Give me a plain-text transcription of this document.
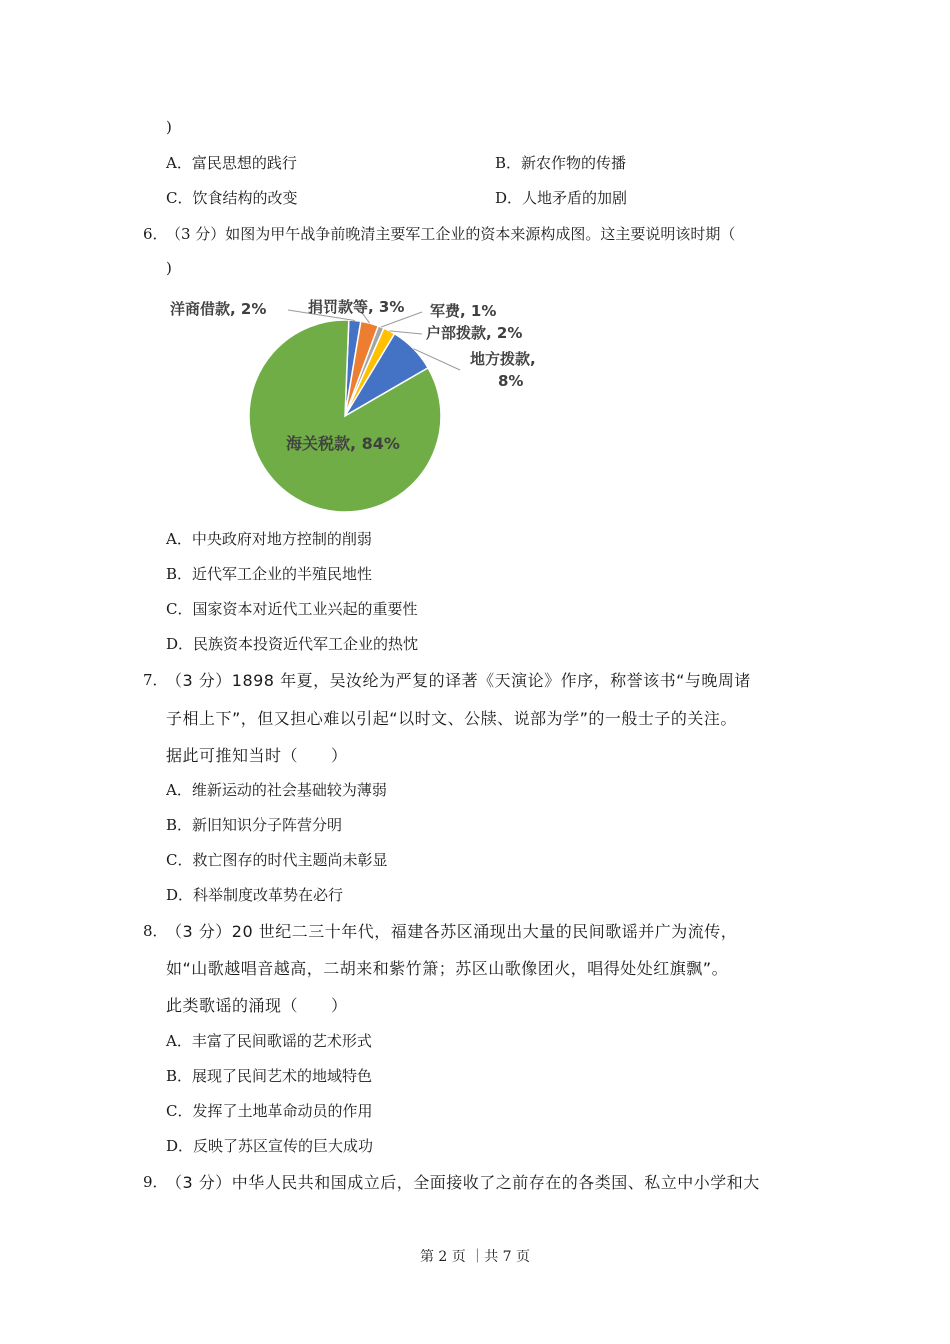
)
A．富民思想的践行	B．新农作物的传播
C．饮食结构的改变	D．人地矛盾的加剧
6．
（3 分）如图为甲午战争前晚清主要军工企业的资本来源构成图。这主要说明该时期（
)
洋商借款, 2%	捐罚款等, 3% 军费, 1%
户部拨款, 2%
地方拨款,
8%
海关税款, 84%
A．中央政府对地方控制的削弱
B．近代军工企业的半殖民地性
C．国家资本对近代工业兴起的重要性
D．民族资本投资近代军工企业的热忱
7．
（3 分）1898 年夏，吴汝纶为严复的译著《天演论》作序，称誉该书“与晚周诸
子相上下”，但又担心难以引起“以时文、公牍、说部为学”的一般士子的关注。
据此可推知当时（　　）
A．维新运动的社会基础较为薄弱
B．新旧知识分子阵营分明
C．救亡图存的时代主题尚未彰显
D．科举制度改革势在必行
8．
（3 分）20 世纪二三十年代，福建各苏区涌现出大量的民间歌谣并广为流传，
如“山歌越唱音越高，二胡来和紫竹箫；苏区山歌像团火，唱得处处红旗飘”。
此类歌谣的涌现（　　）
A．丰富了民间歌谣的艺术形式
B．展现了民间艺术的地域特色
C．发挥了土地革命动员的作用
D．反映了苏区宣传的巨大成功
9．
（3 分）中华人民共和国成立后，全面接收了之前存在的各类国、私立中小学和大
第 2 页 ｜共 7 页
